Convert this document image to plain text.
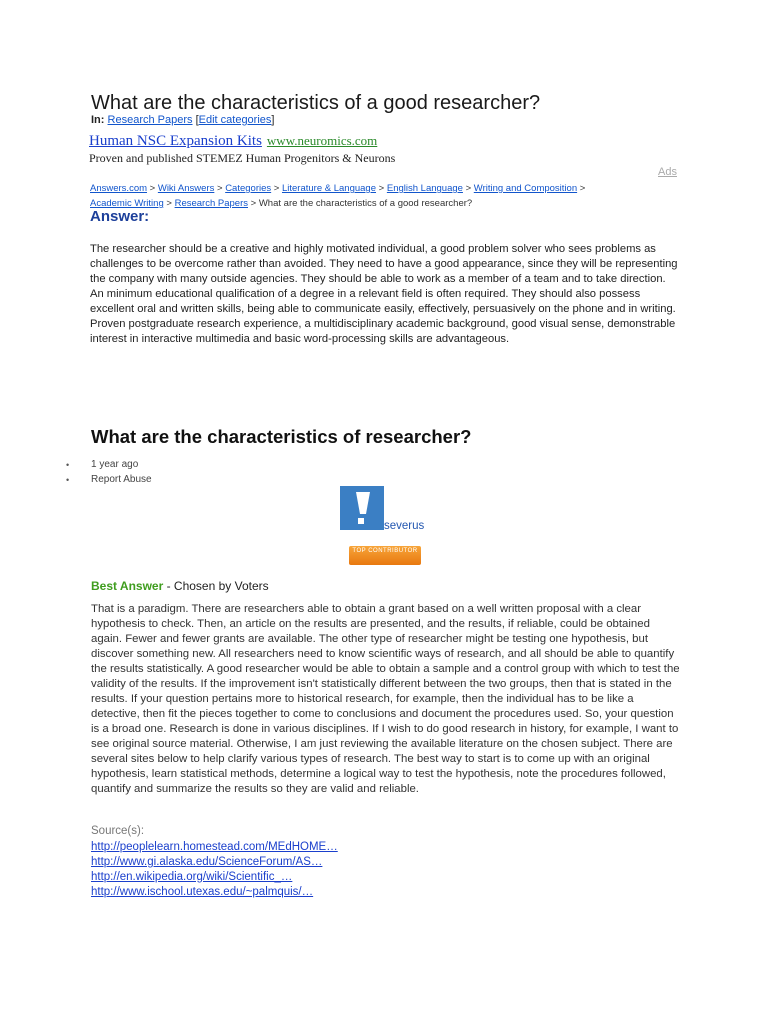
What are the characteristics of a good researcher?
In: Research Papers [Edit categories]
Human NSC Expansion Kits www.neuromics.com
Proven and published STEMEZ Human Progenitors & Neurons
Ads
Answers.com > Wiki Answers > Categories > Literature & Language > English Language > Writing and Composition > Academic Writing > Research Papers > What are the characteristics of a good researcher?
Answer:

The researcher should be a creative and highly motivated individual, a good problem solver who sees problems as challenges to be overcome rather than avoided. They need to have a good appearance, since they will be representing the company with many outside agencies. They should be able to work as a member of a team and to take direction. An minimum educational qualification of a degree in a relevant field is often required. They should also possess excellent oral and written skills, being able to communicate easily, effectively, persuasively on the phone and in writing. Proven postgraduate research experience, a multidisciplinary academic background, good visual sense, demonstrable interest in interactive multimedia and basic word-processing skills are advantageous.

What are the characteristics of researcher?
• 1 year ago
• Report Abuse
severus
TOP CONTRIBUTOR
Best Answer - Chosen by Voters

That is a paradigm. There are researchers able to obtain a grant based on a well written proposal with a clear hypothesis to check. Then, an article on the results are presented, and the results, if reliable, could be obtained again. Fewer and fewer grants are available. The other type of researcher might be testing one hypothesis, but discover something new. All researchers need to know scientific ways of research, and all should be able to quantify the results statistically. A good researcher would be able to obtain a sample and a control group with which to test the validity of the results. If the improvement isn't statistically different between the two groups, then that is stated in the results. If your question pertains more to historical research, for example, then the individual has to be like a detective, then fit the pieces together to come to conclusions and document the procedures used. So, your question is a broad one. Research is done in various disciplines. If I wish to do good research in history, for example, I want to see original source material. Otherwise, I am just reviewing the available literature on the chosen subject. There are several sites below to help clarify various types of research. The best way to start is to come up with an original hypothesis, learn statistical methods, determine a logical way to test the hypothesis, note the procedures followed, quantify and summarize the results so they are valid and reliable.

Source(s):
http://peoplelearn.homestead.com/MEdHOME…
http://www.gi.alaska.edu/ScienceForum/AS…
http://en.wikipedia.org/wiki/Scientific_…
http://www.ischool.utexas.edu/~palmquis/…
